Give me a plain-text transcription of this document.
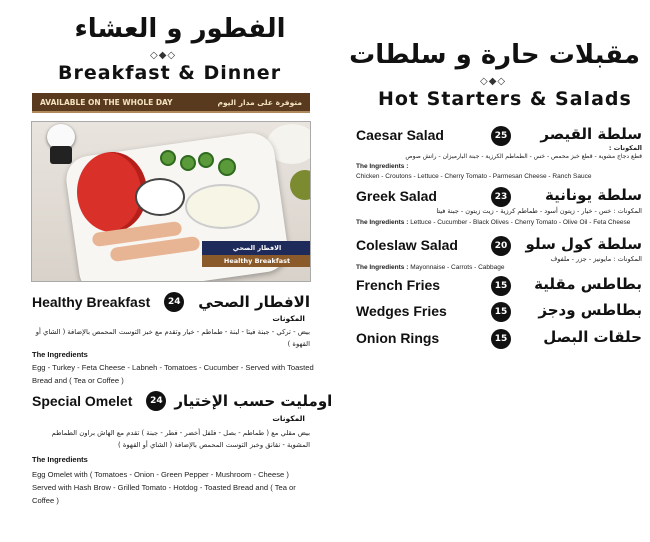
الفطور و العشاء
◇◆◇
Breakfast & Dinner
AVAILABLE ON THE WHOLE DAY	متوفرة على مدار اليوم
الافطار الصحي
Healthy Breakfast
Healthy Breakfast	24	الافطار الصحي
المكونات
بيض - تركي - جبنة فيتا - لبنة - طماطم - خيار وتقدم مع خبز التوست المحمص بالإضافة ( الشاي أو القهوة )
The Ingredients
Egg - Turkey - Feta Cheese - Labneh - Tomatoes - Cucumber - Served with Toasted Bread and ( Tea or Coffee )
Special Omelet	24 اومليت حسب الإختيار
المكونات
بيض مقلي مع ( طماطم - بصل - فلفل أخضر - فطر - جبنة ) تقدم مع الهاش براون الطماطم المشوية - نقانق وخبز التوست المحمص بالإضافة ( الشاي أو القهوة )
The Ingredients
Egg Omelet with ( Tomatoes - Onion - Green Pepper - Mushroom - Cheese ) Served with Hash Brow - Grilled Tomato - Hotdog - Toasted Bread and ( Tea or Coffee )
مقبلات حارة و سلطات
◇◆◇
Hot Starters & Salads
Caesar Salad	25 سلطة القيصر
المكونات :
قطع دجاج مشوية - قطع خبز محمص - خس - الطماطم الكرزية - جبنة البارميزان - رانش صوص
The Ingredients :
Chicken - Croutons - Lettuce - Cherry Tomato - Parmesan Cheese - Ranch Sauce
Greek Salad	23	سلطة يونانية
المكونات : خس - خيار - زيتون أسود - طماطم كرزية - زيت زيتون - جبنة فيتا
The Ingredients : Lettuce - Cucumber - Black Olives - Cherry Tomato - Olive Oil - Feta Cheese
Coleslaw Salad	20 سلطة كول سلو
المكونات : مايونيز - جزر - ملفوف
The Ingredients : Mayonnaise - Carrots - Cabbage
French Fries	15 بطاطس مقلية
Wedges Fries	15 بطاطس ودجز
Onion Rings	15 حلقات البصل
